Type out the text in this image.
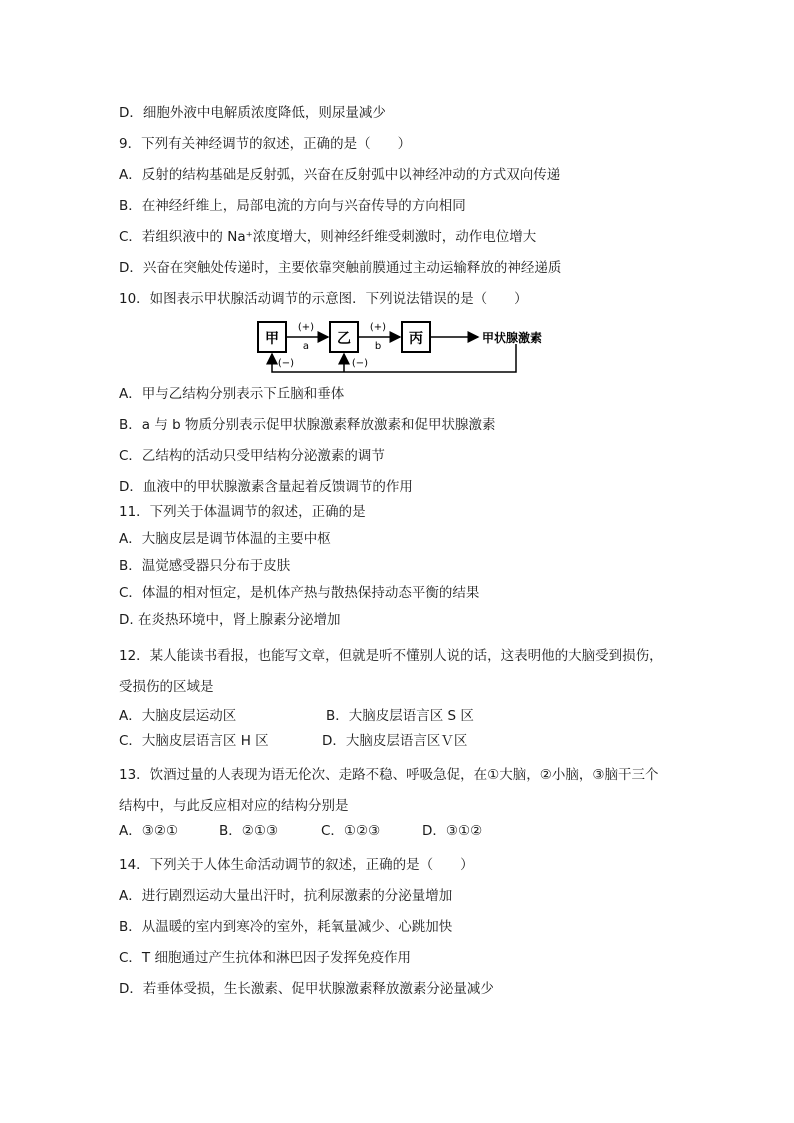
D．细胞外液中电解质浓度降低，则尿量减少
9．下列有关神经调节的叙述，正确的是（　　）
A．反射的结构基础是反射弧，兴奋在反射弧中以神经冲动的方式双向传递
B．在神经纤维上，局部电流的方向与兴奋传导的方向相同
C．若组织液中的 Na⁺浓度增大，则神经纤维受刺激时，动作电位增大
D．兴奋在突触处传递时，主要依靠突触前膜通过主动运输释放的神经递质
10．如图表示甲状腺活动调节的示意图．下列说法错误的是（　　）
甲	乙	丙
(+)
a
(+)
b
甲状腺激素
(−)	(−)
A．甲与乙结构分别表示下丘脑和垂体
B．a 与 b 物质分别表示促甲状腺激素释放激素和促甲状腺激素
C．乙结构的活动只受甲结构分泌激素的调节
D．血液中的甲状腺激素含量起着反馈调节的作用
11．下列关于体温调节的叙述，正确的是
A．大脑皮层是调节体温的主要中枢
B．温觉感受器只分布于皮肤
C．体温的相对恒定，是机体产热与散热保持动态平衡的结果
D. 在炎热环境中，肾上腺素分泌增加
12．某人能读书看报，也能写文章，但就是听不懂别人说的话，这表明他的大脑受到损伤，
受损伤的区域是
A．大脑皮层运动区	B．大脑皮层语言区 S 区
C．大脑皮层语言区 H 区	D．大脑皮层语言区Ｖ区
13．饮酒过量的人表现为语无伦次、走路不稳、呼吸急促，在①大脑，②小脑，③脑干三个
结构中，与此反应相对应的结构分别是
A．③②①	B．②①③	C．①②③	D．③①②
14．下列关于人体生命活动调节的叙述，正确的是（　　）
A．进行剧烈运动大量出汗时，抗利尿激素的分泌量增加
B．从温暖的室内到寒冷的室外，耗氧量减少、心跳加快
C．T 细胞通过产生抗体和淋巴因子发挥免疫作用
D．若垂体受损，生长激素、促甲状腺激素释放激素分泌量减少
